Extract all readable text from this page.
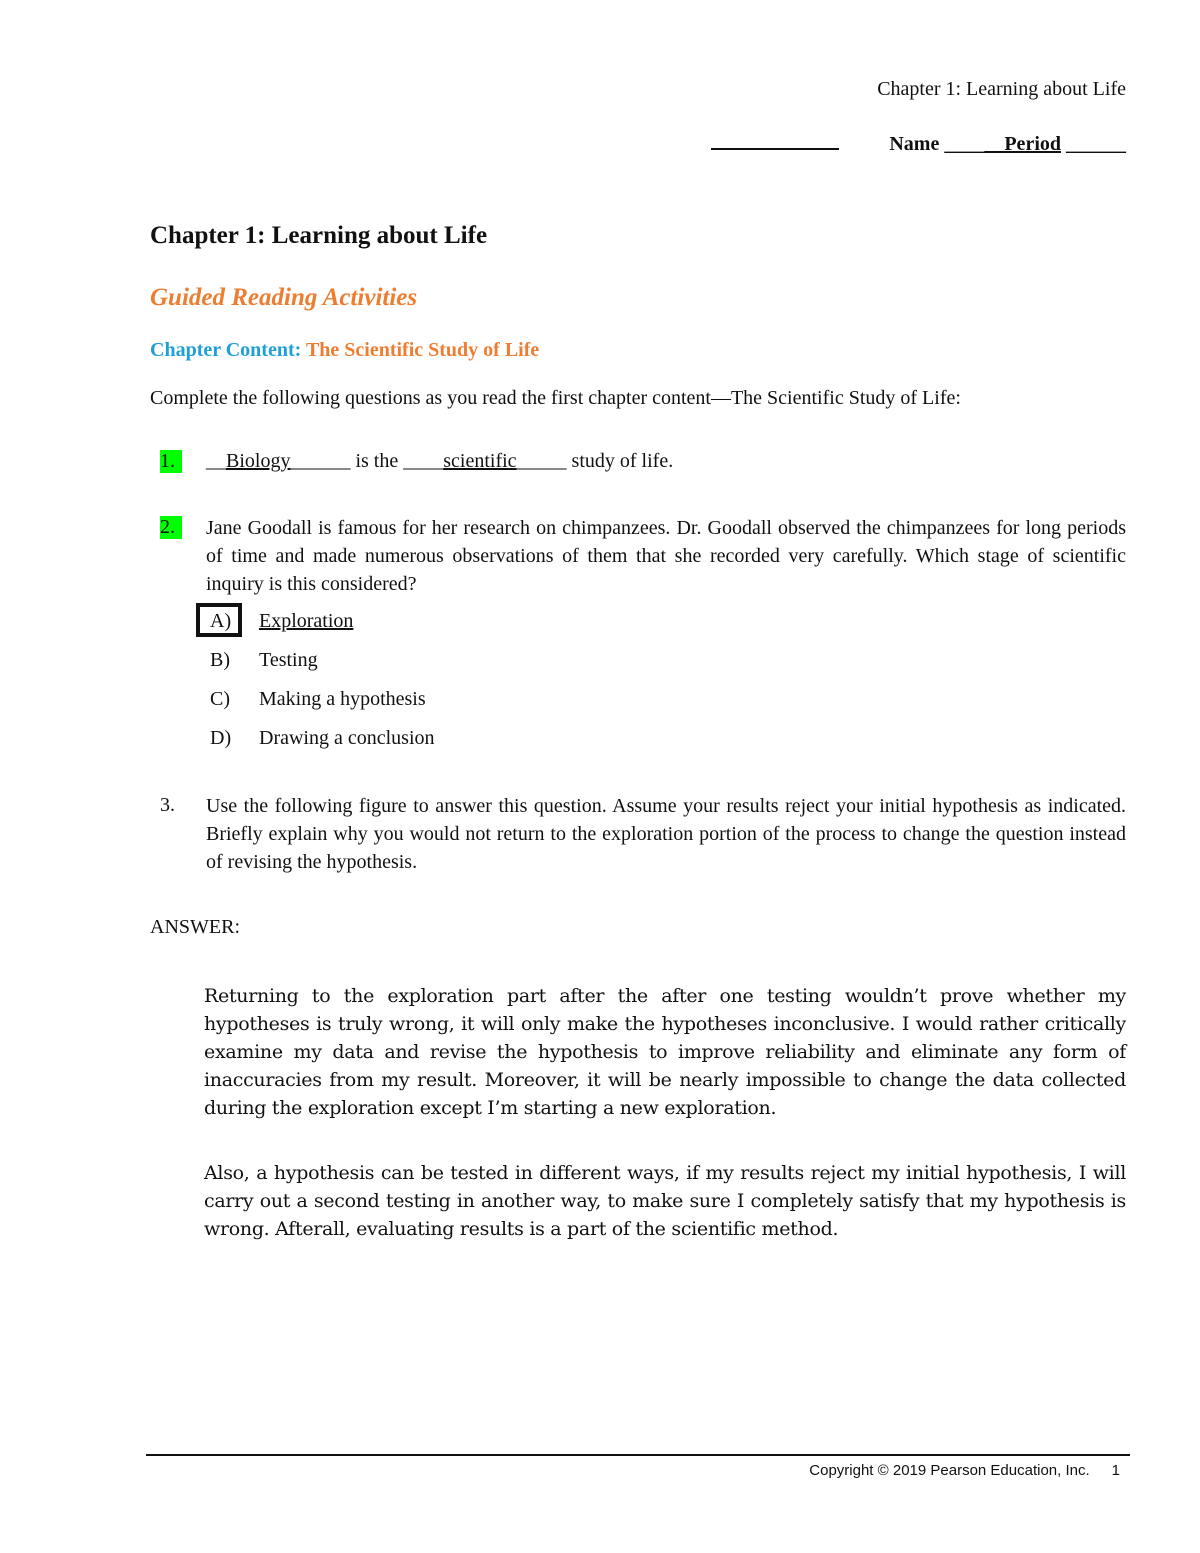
Chapter 1: Learning about Life
Name ______Period ______
Chapter 1: Learning about Life
Guided Reading Activities
Chapter Content: The Scientific Study of Life
Complete the following questions as you read the first chapter content—The Scientific Study of Life:
1.	__Biology______ is the ____scientific_____ study of life.
2.	Jane Goodall is famous for her research on chimpanzees. Dr. Goodall observed the chimpanzees for long periods of time and made numerous observations of them that she recorded very carefully. Which stage of scientific inquiry is this considered?
A) Exploration
B) Testing
C) Making a hypothesis
D) Drawing a conclusion
3.	Use the following figure to answer this question. Assume your results reject your initial hypothesis as indicated. Briefly explain why you would not return to the exploration portion of the process to change the question instead of revising the hypothesis.
ANSWER:
Returning to the exploration part after the after one testing wouldn’t prove whether my hypotheses is truly wrong, it will only make the hypotheses inconclusive. I would rather critically examine my data and revise the hypothesis to improve reliability and eliminate any form of inaccuracies from my result. Moreover, it will be nearly impossible to change the data collected during the exploration except I’m starting a new exploration.
Also, a hypothesis can be tested in different ways, if my results reject my initial hypothesis, I will carry out a second testing in another way, to make sure I completely satisfy that my hypothesis is wrong. Afterall, evaluating results is a part of the scientific method.
Copyright © 2019 Pearson Education, Inc. 1
